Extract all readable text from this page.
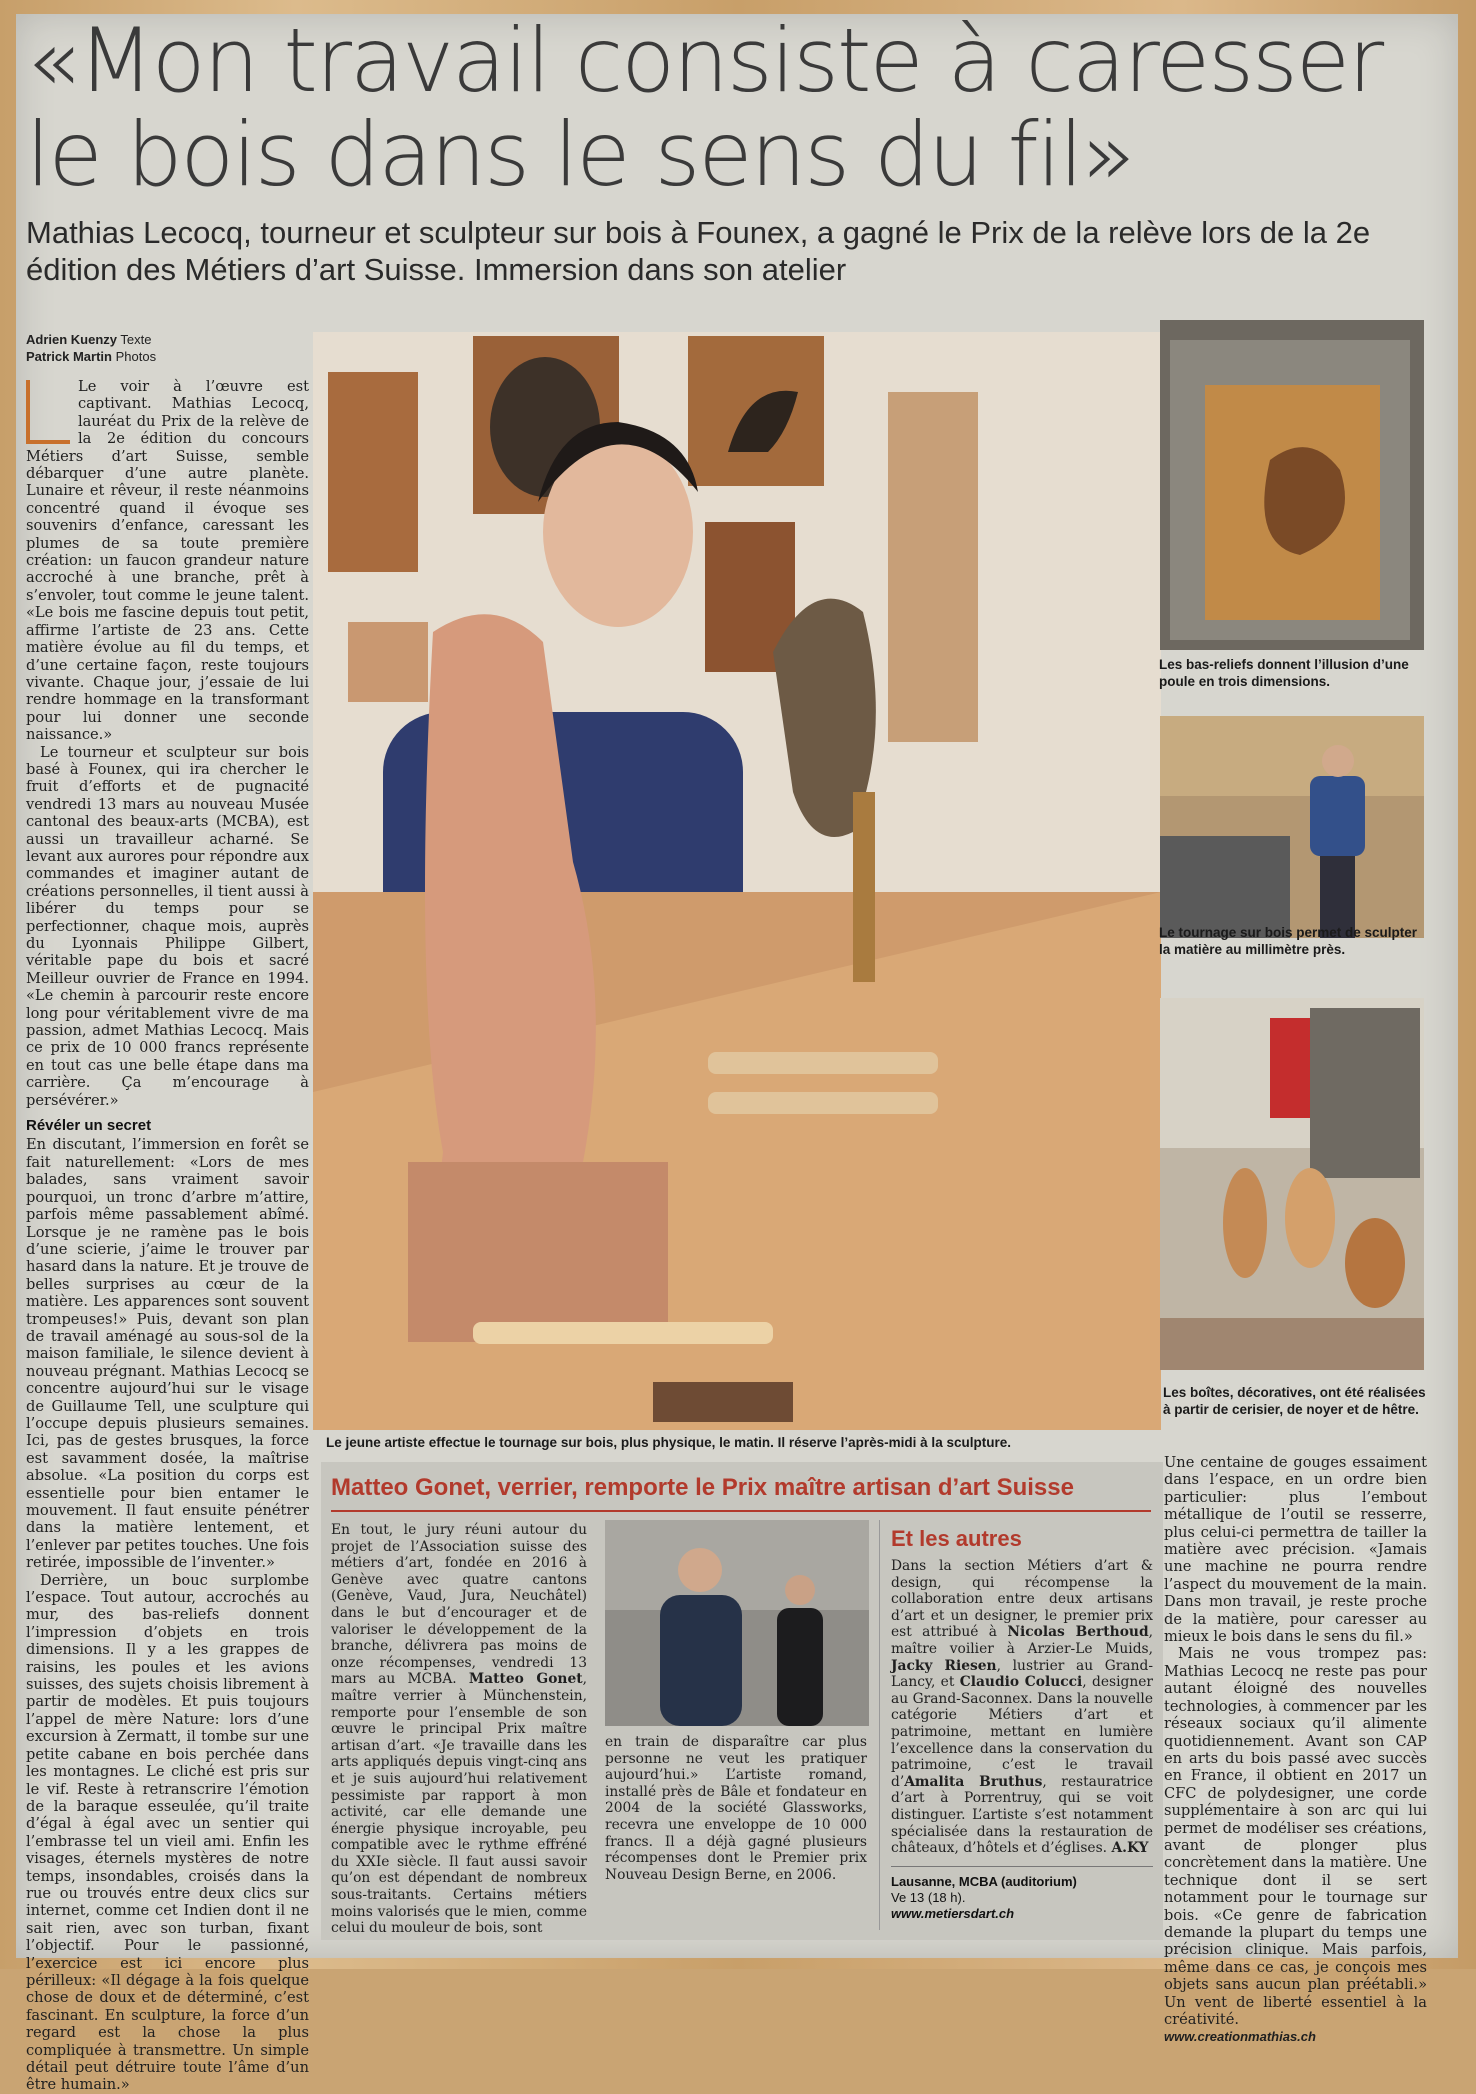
«Mon travail consiste à caresser
le bois dans le sens du fil»
Mathias Lecocq, tourneur et sculpteur sur bois à Founex, a gagné le Prix de la relève lors de la 2e édition des Métiers d’art Suisse. Immersion dans son atelier
Adrien Kuenzy Texte
Patrick Martin Photos

Le voir à l’œuvre est captivant. Mathias Lecocq, lauréat du Prix de la relève de la 2e édition du concours Métiers d’art Suisse, semble débarquer d’une autre planète. Lunaire et rêveur, il reste néanmoins concentré quand il évoque ses souvenirs d’enfance, caressant les plumes de sa toute première création: un faucon grandeur nature accroché à une branche, prêt à s’envoler, tout comme le jeune talent. «Le bois me fascine depuis tout petit, affirme l’artiste de 23 ans. Cette matière évolue au fil du temps, et d’une certaine façon, reste toujours vivante. Chaque jour, j’essaie de lui rendre hommage en la transformant pour lui donner une seconde naissance.»

Le tourneur et sculpteur sur bois basé à Founex, qui ira chercher le fruit d’efforts et de pugnacité vendredi 13 mars au nouveau Musée cantonal des beaux-arts (MCBA), est aussi un travailleur acharné. Se levant aux aurores pour répondre aux commandes et imaginer autant de créations personnelles, il tient aussi à libérer du temps pour se perfectionner, chaque mois, auprès du Lyonnais Philippe Gilbert, véritable pape du bois et sacré Meilleur ouvrier de France en 1994. «Le chemin à parcourir reste encore long pour véritablement vivre de ma passion, admet Mathias Lecocq. Mais ce prix de 10 000 francs représente en tout cas une belle étape dans ma carrière. Ça m’encourage à persévérer.»

Révéler un secret

En discutant, l’immersion en forêt se fait naturellement: «Lors de mes balades, sans vraiment savoir pourquoi, un tronc d’arbre m’attire, parfois même passablement abîmé. Lorsque je ne ramène pas le bois d’une scierie, j’aime le trouver par hasard dans la nature. Et je trouve de belles surprises au cœur de la matière. Les apparences sont souvent trompeuses!» Puis, devant son plan de travail aménagé au sous-sol de la maison familiale, le silence devient à nouveau prégnant. Mathias Lecocq se concentre aujourd’hui sur le visage de Guillaume Tell, une sculpture qui l’occupe depuis plusieurs semaines. Ici, pas de gestes brusques, la force est savamment dosée, la maîtrise absolue. «La position du corps est essentielle pour bien entamer le mouvement. Il faut ensuite pénétrer dans la matière lentement, et l’enlever par petites touches. Une fois retirée, impossible de l’inventer.»

Derrière, un bouc surplombe l’espace. Tout autour, accrochés au mur, des bas-reliefs donnent l’impression d’objets en trois dimensions. Il y a les grappes de raisins, les poules et les avions suisses, des sujets choisis librement à partir de modèles. Et puis toujours l’appel de mère Nature: lors d’une excursion à Zermatt, il tombe sur une petite cabane en bois perchée dans les montagnes. Le cliché est pris sur le vif. Reste à retranscrire l’émotion de la baraque esseulée, qu’il traite d’égal à égal avec un sentier qui l’embrasse tel un vieil ami. Enfin les visages, éternels mystères de notre temps, insondables, croisés dans la rue ou trouvés entre deux clics sur internet, comme cet Indien dont il ne sait rien, avec son turban, fixant l’objectif. Pour le passionné, l’exercice est ici encore plus périlleux: «Il dégage à la fois quelque chose de doux et de déterminé, c’est fascinant. En sculpture, la force d’un regard est la chose la plus compliquée à transmettre. Un simple détail peut détruire toute l’âme d’un être humain.»

Le jeune artiste effectue le tournage sur bois, plus physique, le matin. Il réserve l’après-midi à la sculpture.
Les bas-reliefs donnent l’illusion d’une poule en trois dimensions.
Le tournage sur bois permet de sculpter la matière au millimètre près.
Les boîtes, décoratives, ont été réalisées à partir de cerisier, de noyer et de hêtre.

Une centaine de gouges essaiment dans l’espace, en un ordre bien particulier: plus l’embout métallique de l’outil se resserre, plus celui-ci permettra de tailler la matière avec précision. «Jamais une machine ne pourra rendre l’aspect du mouvement de la main. Dans mon travail, je reste proche de la matière, pour caresser au mieux le bois dans le sens du fil.»

Mais ne vous trompez pas: Mathias Lecocq ne reste pas pour autant éloigné des nouvelles technologies, à commencer par les réseaux sociaux qu’il alimente quotidiennement. Avant son CAP en arts du bois passé avec succès en France, il obtient en 2017 un CFC de polydesigner, une corde supplémentaire à son arc qui lui permet de modéliser ses créations, avant de plonger plus concrètement dans la matière. Une technique dont il se sert notamment pour le tournage sur bois. «Ce genre de fabrication demande la plupart du temps une précision clinique. Mais parfois, même dans ce cas, je conçois mes objets sans aucun plan préétabli.» Un vent de liberté essentiel à la créativité.

www.creationmathias.ch
Matteo Gonet, verrier, remporte le Prix maître artisan d’art Suisse
En tout, le jury réuni autour du projet de l’Association suisse des métiers d’art, fondée en 2016 à Genève avec quatre cantons (Genève, Vaud, Jura, Neuchâtel) dans le but d’encourager et de valoriser le développement de la branche, délivrera pas moins de onze récompenses, vendredi 13 mars au MCBA. Matteo Gonet, maître verrier à Münchenstein, remporte pour l’ensemble de son œuvre le principal Prix maître artisan d’art. «Je travaille dans les arts appliqués depuis vingt-cinq ans et je suis aujourd’hui relativement pessimiste par rapport à mon activité, car elle demande une énergie physique incroyable, peu compatible avec le rythme effréné du XXIe siècle. Il faut aussi savoir qu’on est dépendant de nombreux sous-traitants. Certains métiers moins valorisés que le mien, comme celui du mouleur de bois, sont
en train de disparaître car plus personne ne veut les pratiquer aujourd’hui.» L’artiste romand, installé près de Bâle et fondateur en 2004 de la société Glassworks, recevra une enveloppe de 10 000 francs. Il a déjà gagné plusieurs récompenses dont le Premier prix Nouveau Design Berne, en 2006.
Et les autres
Dans la section Métiers d’art & design, qui récompense la collaboration entre deux artisans d’art et un designer, le premier prix est attribué à Nicolas Berthoud, maître voilier à Arzier-Le Muids, Jacky Riesen, lustrier au Grand-Lancy, et Claudio Colucci, designer au Grand-Saconnex. Dans la nouvelle catégorie Métiers d’art et patrimoine, mettant en lumière l’excellence dans la conservation du patrimoine, c’est le travail d’Amalita Bruthus, restauratrice d’art à Porrentruy, qui se voit distinguer. L’artiste s’est notamment spécialisée dans la restauration de châteaux, d’hôtels et d’églises. A.KY
Lausanne, MCBA (auditorium)
Ve 13 (18 h).
www.metiersdart.ch
